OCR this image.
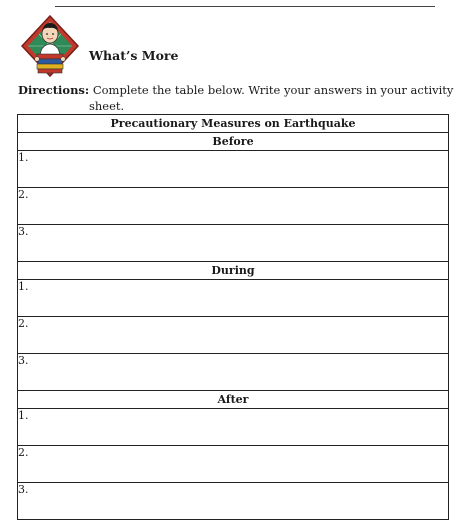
What’s More
Directions: Complete the table below. Write your answers in your activity
sheet.
Precautionary Measures on Earthquake
Before
1.
2.
3.
During
1.
2.
3.
After
1.
2.
3.
